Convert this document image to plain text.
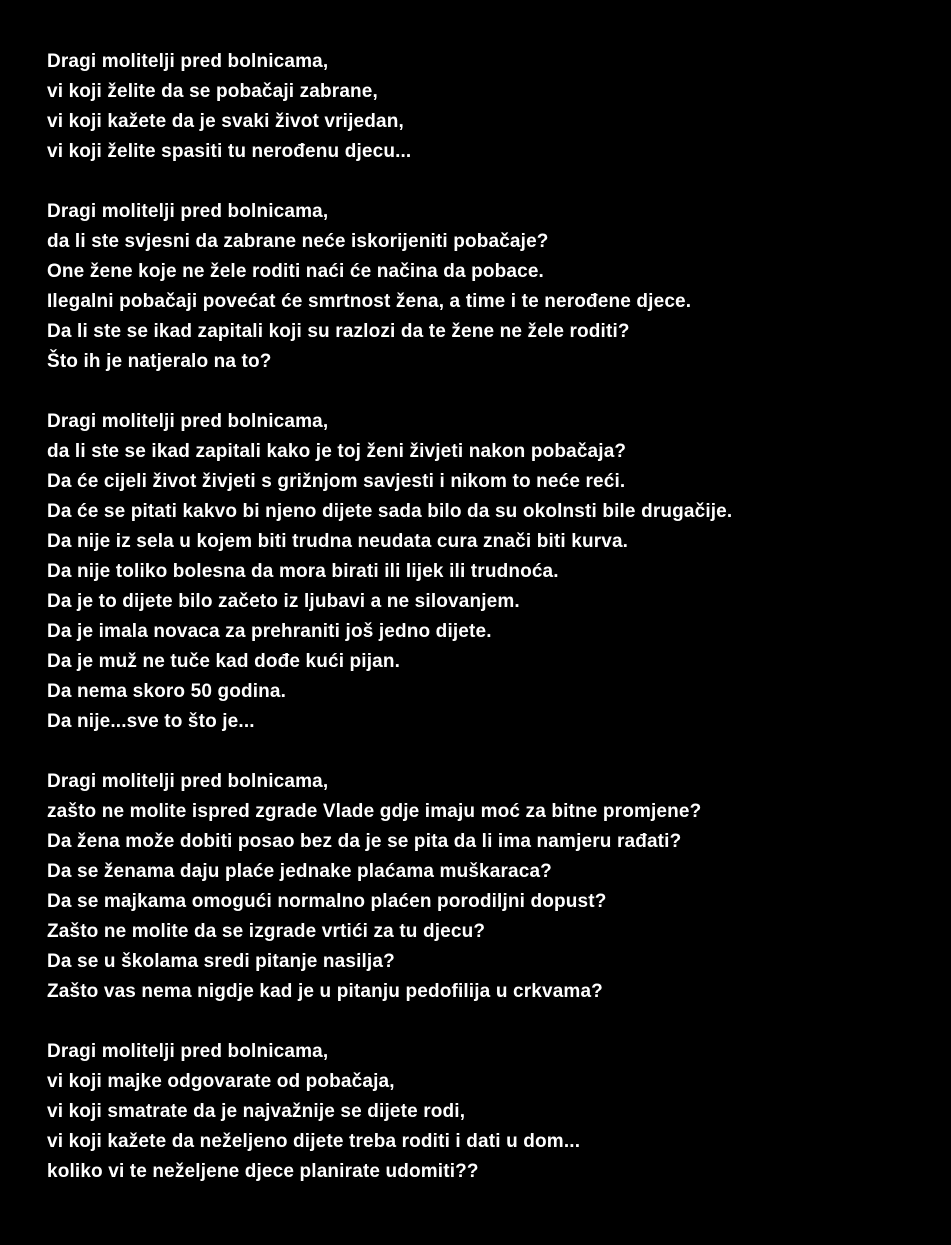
Dragi molitelji pred bolnicama,
vi koji želite da se pobačaji zabrane,
vi koji kažete da je svaki život vrijedan,
vi koji želite spasiti tu nerođenu djecu...
Dragi molitelji pred bolnicama,
da li ste svjesni da zabrane neće iskorijeniti pobačaje?
One žene koje ne žele roditi naći će načina da pobace.
Ilegalni pobačaji povećat će smrtnost žena, a time i te nerođene djece.
Da li ste se ikad zapitali koji su razlozi da te žene ne žele roditi?
Što ih je natjeralo na to?
Dragi molitelji pred bolnicama,
da li ste se ikad zapitali kako je toj ženi živjeti nakon pobačaja?
Da će cijeli život živjeti s grižnjom savjesti i nikom to neće reći.
Da će se pitati kakvo bi njeno dijete sada bilo da su okolnsti bile drugačije.
Da nije iz sela u kojem biti trudna neudata cura znači biti kurva.
Da nije toliko bolesna da mora birati ili lijek ili trudnoća.
Da je to dijete bilo začeto iz ljubavi a ne silovanjem.
Da je imala novaca za prehraniti još jedno dijete.
Da je muž ne tuče kad dođe kući pijan.
Da nema skoro 50 godina.
Da nije...sve to što je...
Dragi molitelji pred bolnicama,
zašto ne molite ispred zgrade Vlade gdje imaju moć za bitne promjene?
Da žena može dobiti posao bez da je se pita da li ima namjeru rađati?
Da se ženama daju plaće jednake plaćama muškaraca?
Da se majkama omogući normalno plaćen porodiljni dopust?
Zašto ne molite da se izgrade vrtići za tu djecu?
Da se u školama sredi pitanje nasilja?
Zašto vas nema nigdje kad je u pitanju pedofilija u crkvama?
Dragi molitelji pred bolnicama,
vi koji majke odgovarate od pobačaja,
vi koji smatrate da je najvažnije se dijete rodi,
vi koji kažete da neželjeno dijete treba roditi i dati u dom...
koliko vi te neželjene djece planirate udomiti??
